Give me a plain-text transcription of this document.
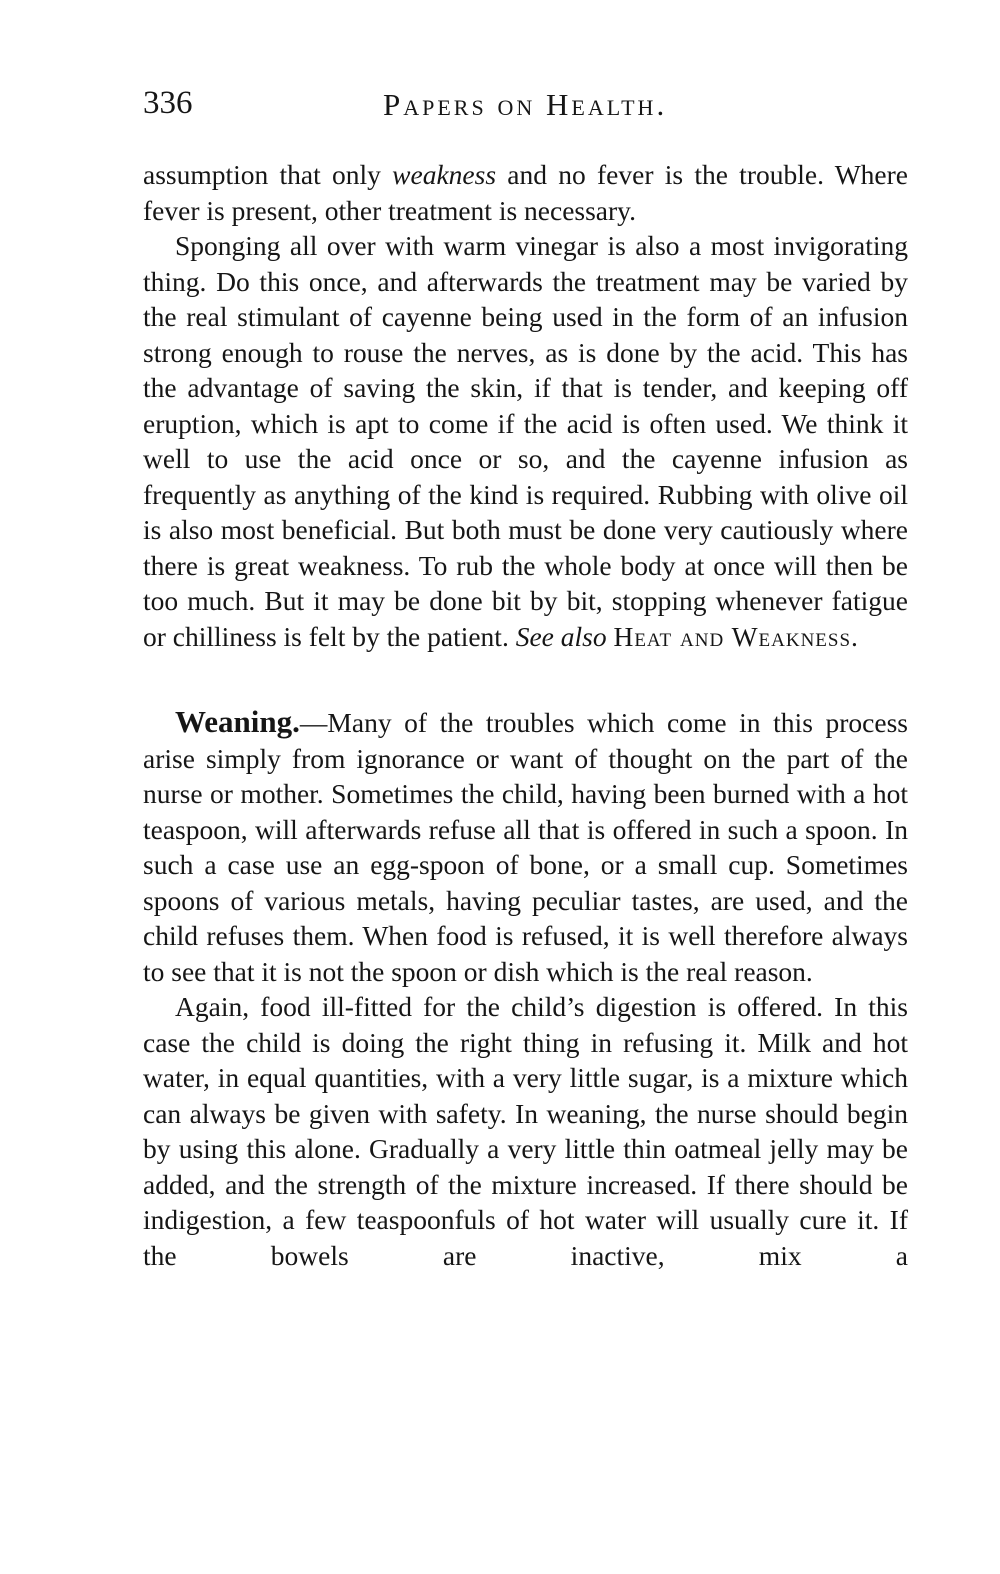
336	Papers on Health.

assumption that only weakness and no fever is the trouble. Where fever is present, other treatment is necessary.

Sponging all over with warm vinegar is also a most invigorating thing. Do this once, and afterwards the treatment may be varied by the real stimulant of cayenne being used in the form of an infusion strong enough to rouse the nerves, as is done by the acid. This has the advantage of saving the skin, if that is tender, and keeping off eruption, which is apt to come if the acid is often used. We think it well to use the acid once or so, and the cayenne infusion as frequently as anything of the kind is required. Rubbing with olive oil is also most beneficial. But both must be done very cautiously where there is great weakness. To rub the whole body at once will then be too much. But it may be done bit by bit, stopping whenever fatigue or chilliness is felt by the patient. See also Heat and Weakness.

Weaning.—Many of the troubles which come in this process arise simply from ignorance or want of thought on the part of the nurse or mother. Sometimes the child, having been burned with a hot teaspoon, will afterwards refuse all that is offered in such a spoon. In such a case use an egg-spoon of bone, or a small cup. Sometimes spoons of various metals, having peculiar tastes, are used, and the child refuses them. When food is refused, it is well therefore always to see that it is not the spoon or dish which is the real reason.

Again, food ill-fitted for the child’s digestion is offered. In this case the child is doing the right thing in refusing it. Milk and hot water, in equal quantities, with a very little sugar, is a mixture which can always be given with safety. In weaning, the nurse should begin by using this alone. Gradually a very little thin oatmeal jelly may be added, and the strength of the mixture increased. If there should be indigestion, a few teaspoonfuls of hot water will usually cure it. If the bowels are inactive, mix a
